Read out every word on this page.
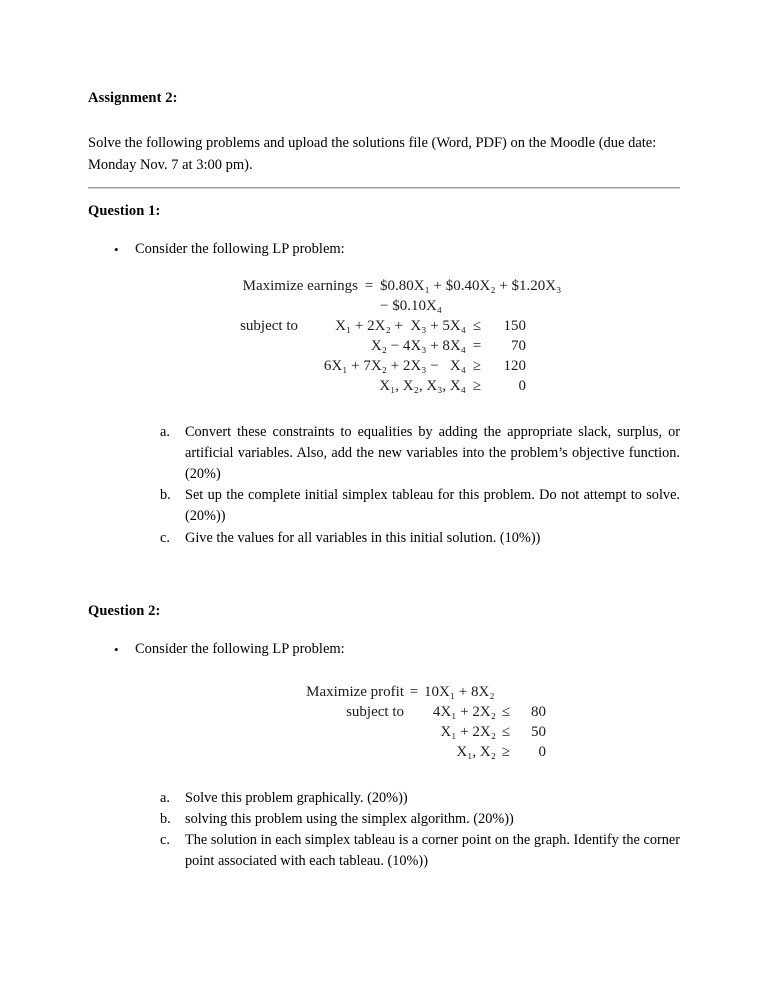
Assignment 2:
Solve the following problems and upload the solutions file (Word, PDF) on the Moodle (due date: Monday Nov. 7 at 3:00 pm).
Question 1:
• Consider the following LP problem:
Maximize earnings = $0.80X₁ + $0.40X₂ + $1.20X₃
− $0.10X₄
subject to	X₁ + 2X₂ +  X₃ + 5X₄ ≤	150
X₂ − 4X₃ + 8X₄ =	70
6X₁ + 7X₂ + 2X₃ −   X₄ ≥	120
X₁, X₂, X₃, X₄ ≥	0
a.	Convert these constraints to equalities by adding the appropriate slack, surplus, or artificial variables. Also, add the new variables into the problem’s objective function. (20%)
b. Set up the complete initial simplex tableau for this problem. Do not attempt to solve. (20%))
c.	Give the values for all variables in this initial solution. (10%))
Question 2:
• Consider the following LP problem:
Maximize profit = 10X₁ + 8X₂
subject to	4X₁ + 2X₂ ≤	80
X₁ + 2X₂ ≤	50
X₁, X₂ ≥	0
a.	Solve this problem graphically. (20%))
b. solving this problem using the simplex algorithm. (20%))
c.	The solution in each simplex tableau is a corner point on the graph. Identify the corner point associated with each tableau. (10%))
